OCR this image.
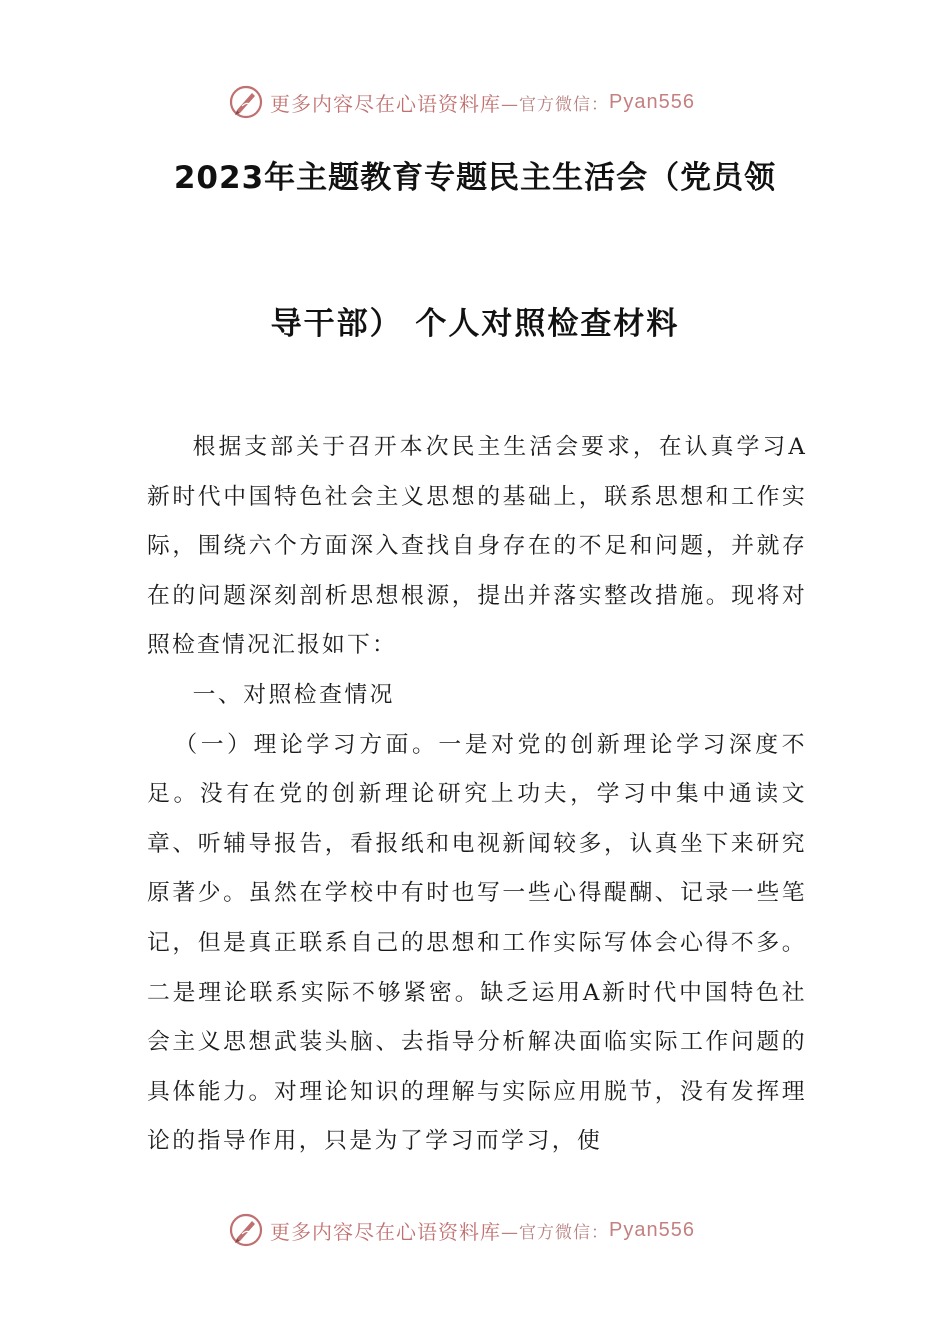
更多内容尽在心语资料库 —官方微信： Pyan556
2023年主题教育专题民主生活会（党员领
导干部） 个人对照检查材料

根据支部关于召开本次民主生活会要求，在认真学习A新时代中国特色社会主义思想的基础上，联系思想和工作实际，围绕六个方面深入查找自身存在的不足和问题，并就存在的问题深刻剖析思想根源，提出并落实整改措施。现将对照检查情况汇报如下：

一、对照检查情况

（一）理论学习方面。一是对党的创新理论学习深度不足。没有在党的创新理论研究上功夫，学习中集中通读文章、听辅导报告，看报纸和电视新闻较多，认真坐下来研究原著少。虽然在学校中有时也写一些心得醍醐、记录一些笔记，但是真正联系自己的思想和工作实际写体会心得不多。二是理论联系实际不够紧密。缺乏运用A新时代中国特色社会主义思想武装头脑、去指导分析解决面临实际工作问题的具体能力。对理论知识的理解与实际应用脱节，没有发挥理论的指导作用，只是为了学习而学习，使

更多内容尽在心语资料库 —官方微信： Pyan556
